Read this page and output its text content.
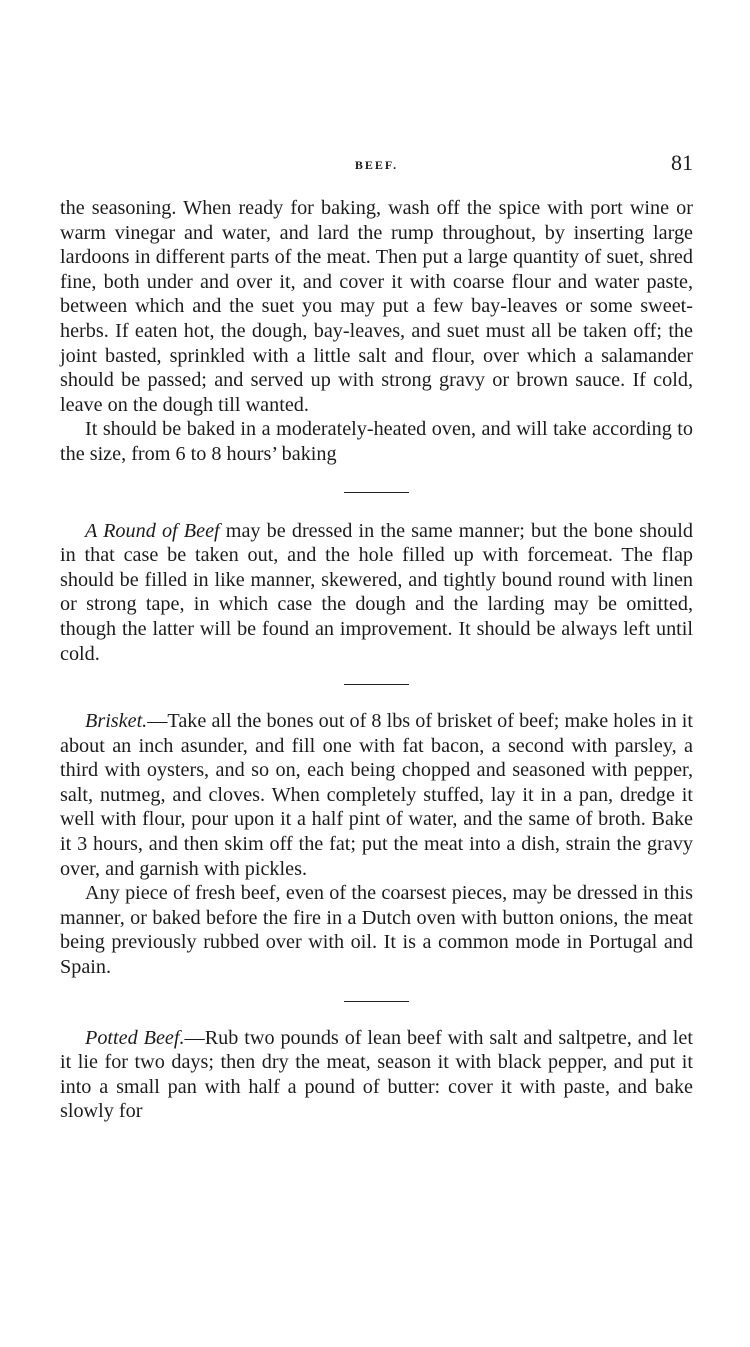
BEEF.	81

the seasoning. When ready for baking, wash off the spice with port wine or warm vinegar and water, and lard the rump throughout, by inserting large lardoons in different parts of the meat. Then put a large quantity of suet, shred fine, both under and over it, and cover it with coarse flour and water paste, between which and the suet you may put a few bay-leaves or some sweet-herbs. If eaten hot, the dough, bay-leaves, and suet must all be taken off; the joint basted, sprinkled with a little salt and flour, over which a salamander should be passed; and served up with strong gravy or brown sauce. If cold, leave on the dough till wanted.

It should be baked in a moderately-heated oven, and will take according to the size, from 6 to 8 hours’ baking

A Round of Beef may be dressed in the same manner; but the bone should in that case be taken out, and the hole filled up with forcemeat. The flap should be filled in like manner, skewered, and tightly bound round with linen or strong tape, in which case the dough and the larding may be omitted, though the latter will be found an improvement. It should be always left until cold.

Brisket.—Take all the bones out of 8 lbs of brisket of beef; make holes in it about an inch asunder, and fill one with fat bacon, a second with parsley, a third with oysters, and so on, each being chopped and seasoned with pepper, salt, nutmeg, and cloves. When completely stuffed, lay it in a pan, dredge it well with flour, pour upon it a half pint of water, and the same of broth. Bake it 3 hours, and then skim off the fat; put the meat into a dish, strain the gravy over, and garnish with pickles.

Any piece of fresh beef, even of the coarsest pieces, may be dressed in this manner, or baked before the fire in a Dutch oven with button onions, the meat being previously rubbed over with oil. It is a common mode in Portugal and Spain.

Potted Beef.—Rub two pounds of lean beef with salt and saltpetre, and let it lie for two days; then dry the meat, season it with black pepper, and put it into a small pan with half a pound of butter: cover it with paste, and bake slowly for
